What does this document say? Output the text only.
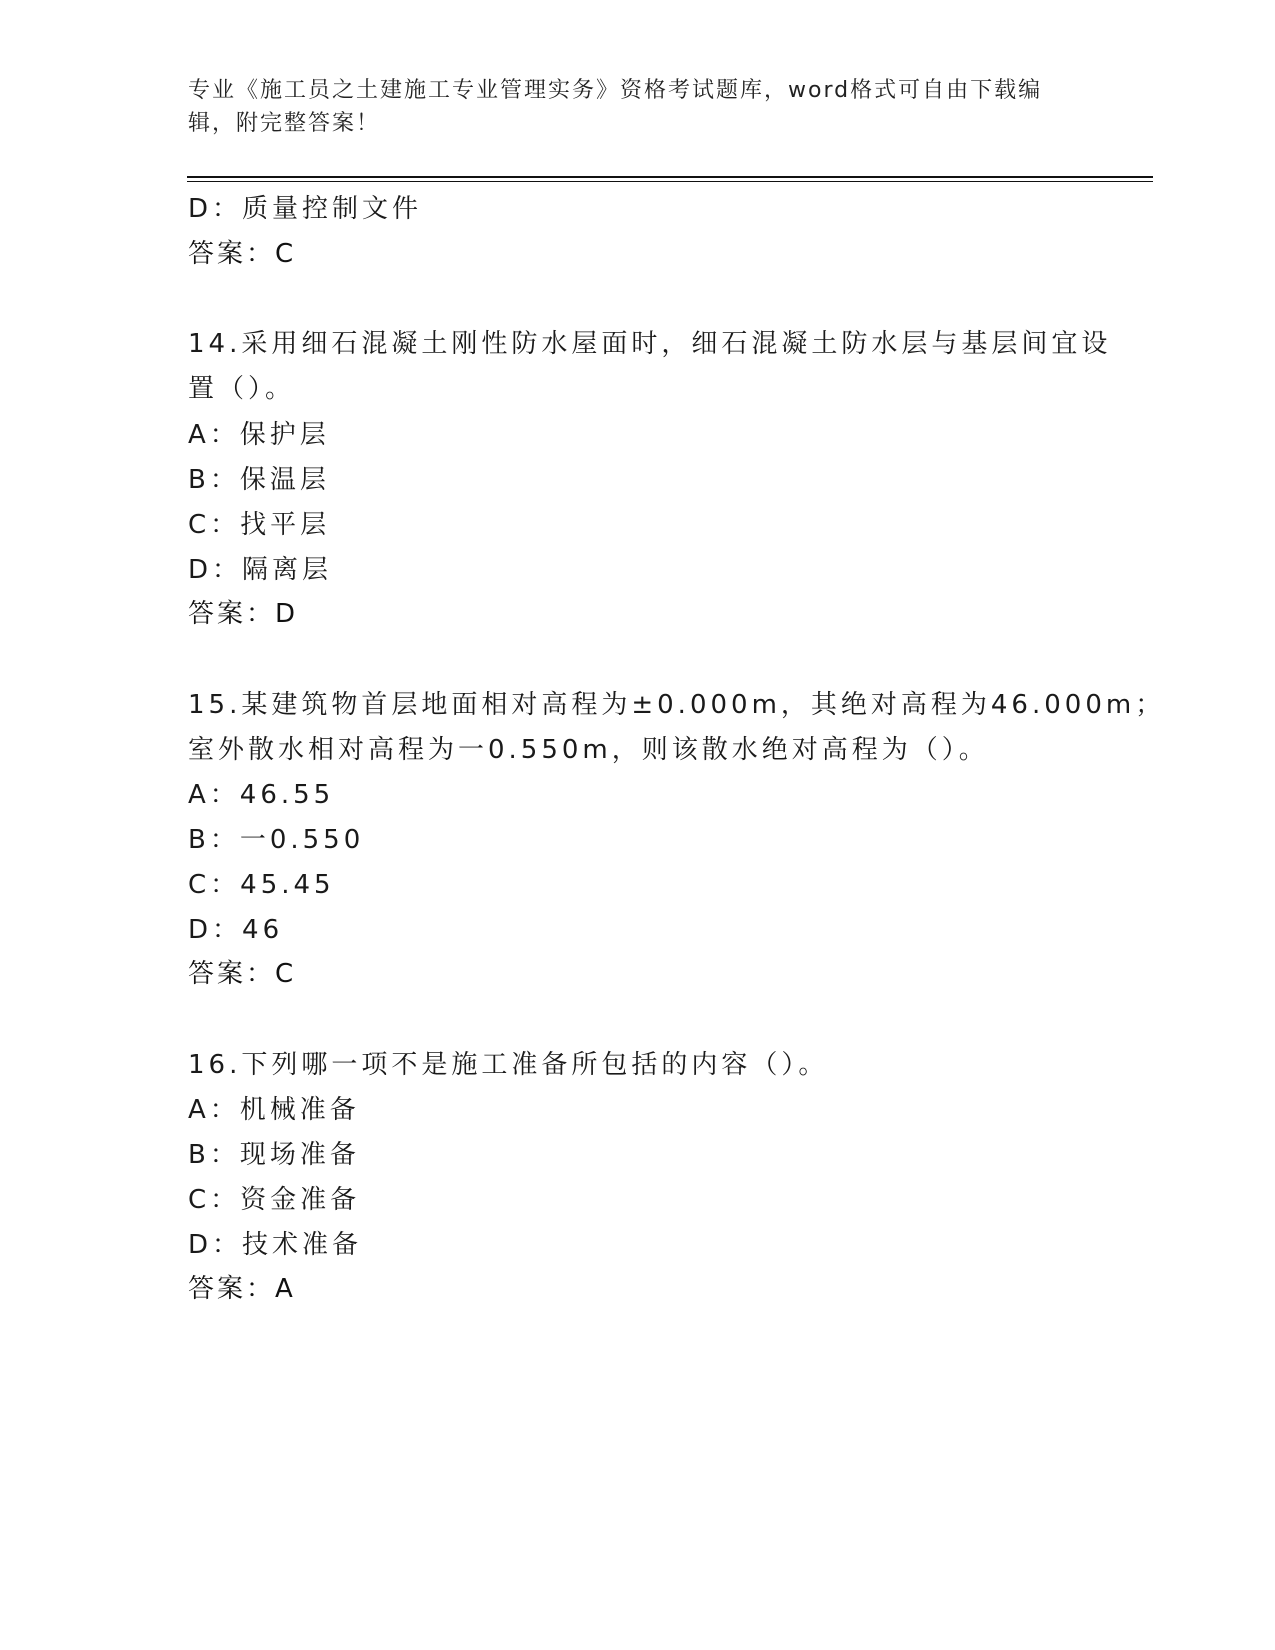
专业《施工员之土建施工专业管理实务》资格考试题库，word格式可自由下载编辑，附完整答案！
D：质量控制文件
答案：C
14.采用细石混凝土刚性防水屋面时，细石混凝土防水层与基层间宜设
置（）。
A：保护层
B：保温层
C：找平层
D：隔离层
答案：D
15.某建筑物首层地面相对高程为±0.000m，其绝对高程为46.000m；
室外散水相对高程为一0.550m，则该散水绝对高程为（）。
A：46.55
B：一0.550
C：45.45
D：46
答案：C
16.下列哪一项不是施工准备所包括的内容（）。
A：机械准备
B：现场准备
C：资金准备
D：技术准备
答案：A
